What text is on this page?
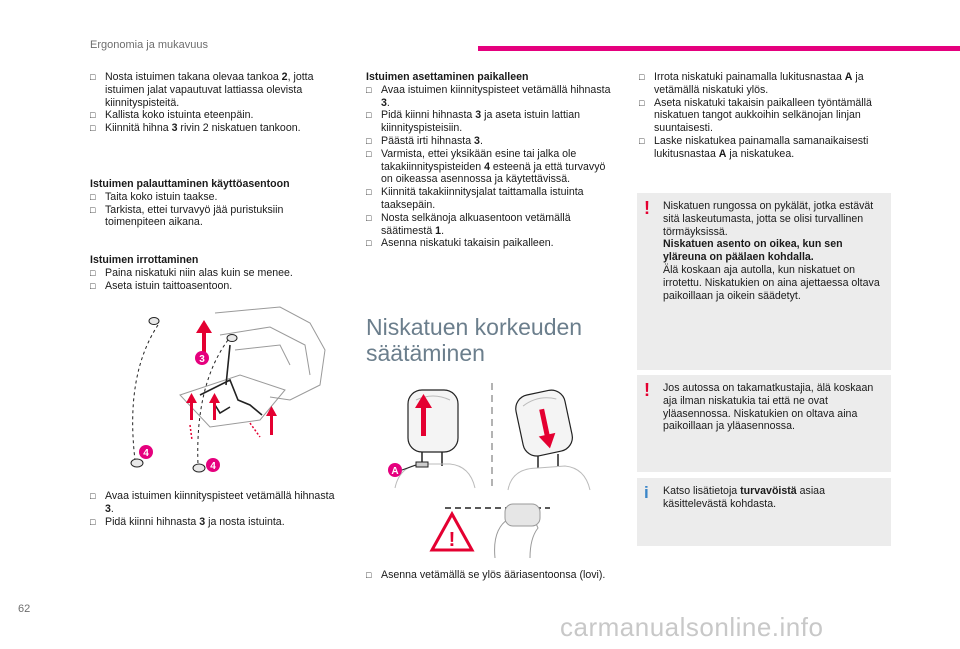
Ergonomia ja mukavuus
□ Nosta istuimen takana olevaa tankoa 2, jotta istuimen jalat vapautuvat lattiassa olevista kiinnityspisteitä.
□ Kallista koko istuinta eteenpäin.
□ Kiinnitä hihna 3 rivin 2 niskatuen tankoon.
Istuimen palauttaminen käyttöasentoon
□ Taita koko istuin taakse.
□ Tarkista, ettei turvavyö jää puristuksiin toimenpiteen aikana.
Istuimen irrottaminen
□ Paina niskatuki niin alas kuin se menee.
□ Aseta istuin taittoasentoon.
3
4
4
□ Avaa istuimen kiinnityspisteet vetämällä hihnasta 3.
□ Pidä kiinni hihnasta 3 ja nosta istuinta.
Istuimen asettaminen paikalleen
□ Avaa istuimen kiinnityspisteet vetämällä hihnasta 3.
□ Pidä kiinni hihnasta 3 ja aseta istuin lattian kiinnityspisteisiin.
□ Päästä irti hihnasta 3.
□ Varmista, ettei yksikään esine tai jalka ole takakiinnityspisteiden 4 esteenä ja että turvavyö on oikeassa asennossa ja käytettävissä.
□ Kiinnitä takakiinnitysjalat taittamalla istuinta taaksepäin.
□ Nosta selkänoja alkuasentoon vetämällä säätimestä 1.
□ Asenna niskatuki takaisin paikalleen.
Niskatuen korkeuden
säätäminen
A
!
□ Asenna vetämällä se ylös ääriasentoonsa (lovi).
□ Irrota niskatuki painamalla lukitusnastaa A ja vetämällä niskatuki ylös.
□ Aseta niskatuki takaisin paikalleen työntämällä niskatuen tangot aukkoihin selkänojan linjan suuntaisesti.
□ Laske niskatukea painamalla samanaikaisesti lukitusnastaa A ja niskatukea.
! Niskatuen rungossa on pykälät, jotka estävät sitä laskeutumasta, jotta se olisi turvallinen törmäyksissä.
Niskatuen asento on oikea, kun sen yläreuna on päälaen kohdalla.
Älä koskaan aja autolla, kun niskatuet on irrotettu. Niskatukien on aina ajettaessa oltava paikoillaan ja oikein säädetyt.
! Jos autossa on takamatkustajia, älä koskaan aja ilman niskatukia tai että ne ovat yläasennossa. Niskatukien on oltava aina paikoillaan ja yläasennossa.
i Katso lisätietoja turvavöistä asiaa käsittelevästä kohdasta.
62
carmanualsonline.info
